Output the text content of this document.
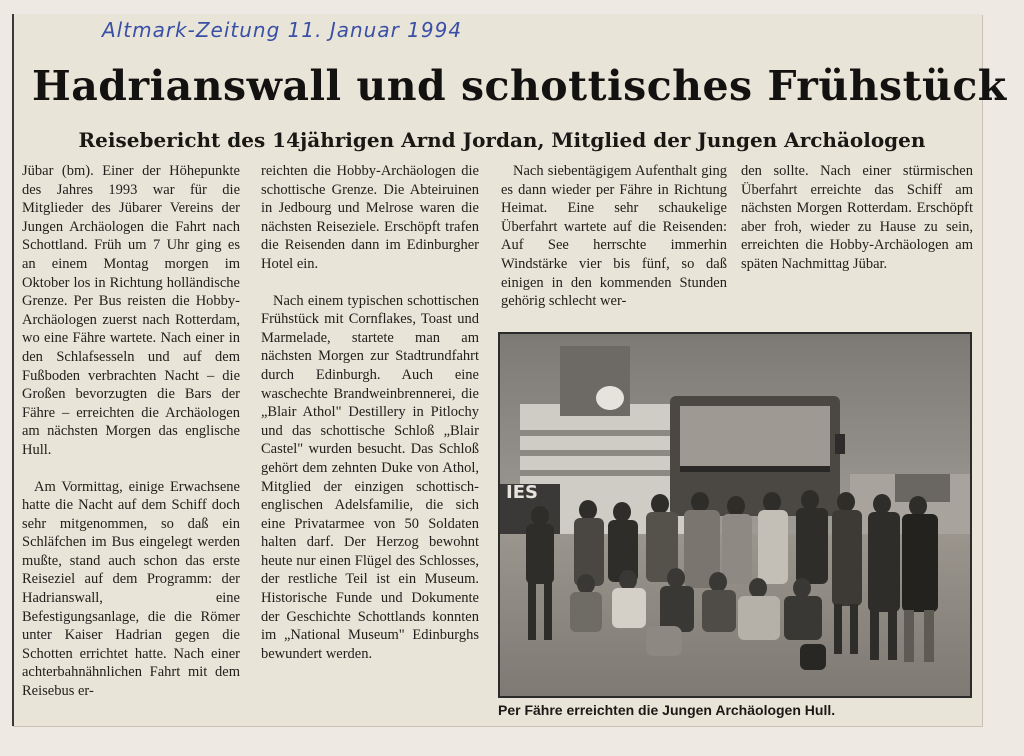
Altmark-Zeitung 11. Januar 1994
Hadrianswall und schottisches Frühstück
Reisebericht des 14jährigen Arnd Jordan, Mitglied der Jungen Archäologen

Jübar (bm). Einer der Höhepunkte des Jahres 1993 war für die Mitglieder des Jübarer Vereins der Jungen Archäologen die Fahrt nach Schottland. Früh um 7 Uhr ging es an einem Montag morgen im Oktober los in Richtung holländische Grenze. Per Bus reisten die Hobby-Archäologen zuerst nach Rotterdam, wo eine Fähre wartete. Nach einer in den Schlafsesseln und auf dem Fußboden verbrachten Nacht – die Großen bevorzugten die Bars der Fähre – erreichten die Archäologen am nächsten Morgen das englische Hull.

Am Vormittag, einige Erwachsene hatte die Nacht auf dem Schiff doch sehr mitgenommen, so daß ein Schläfchen im Bus eingelegt werden mußte, stand auch schon das erste Reiseziel auf dem Programm: der Hadrianswall, eine Befestigungsanlage, die die Römer unter Kaiser Hadrian gegen die Schotten errichtet hatte. Nach einer achterbahnähnlichen Fahrt mit dem Reisebus er-

reichten die Hobby-Archäologen die schottische Grenze. Die Abteiruinen in Jedbourg und Melrose waren die nächsten Reiseziele. Erschöpft trafen die Reisenden dann im Edinburgher Hotel ein.

Nach einem typischen schottischen Frühstück mit Cornflakes, Toast und Marmelade, startete man am nächsten Morgen zur Stadtrundfahrt durch Edinburgh. Auch eine waschechte Brandweinbrennerei, die „Blair Athol" Destillery in Pitlochy und das schottische Schloß „Blair Castel" wurden besucht. Das Schloß gehört dem zehnten Duke von Athol, Mitglied der einzigen schottisch-englischen Adelsfamilie, die sich eine Privatarmee von 50 Soldaten halten darf. Der Herzog bewohnt heute nur einen Flügel des Schlosses, der restliche Teil ist ein Museum. Historische Funde und Dokumente der Geschichte Schottlands konnten im „National Museum" Edinburghs bewundert werden.

Nach siebentägigem Aufenthalt ging es dann wieder per Fähre in Richtung Heimat. Eine sehr schaukelige Überfahrt wartete auf die Reisenden: Auf See herrschte immerhin Windstärke vier bis fünf, so daß einigen in den kommenden Stunden gehörig schlecht wer-

den sollte. Nach einer stürmischen Überfahrt erreichte das Schiff am nächsten Morgen Rotterdam. Erschöpft aber froh, wieder zu Hause zu sein, erreichten die Hobby-Archäologen am späten Nachmittag Jübar.

IES
Per Fähre erreichten die Jungen Archäologen Hull.
